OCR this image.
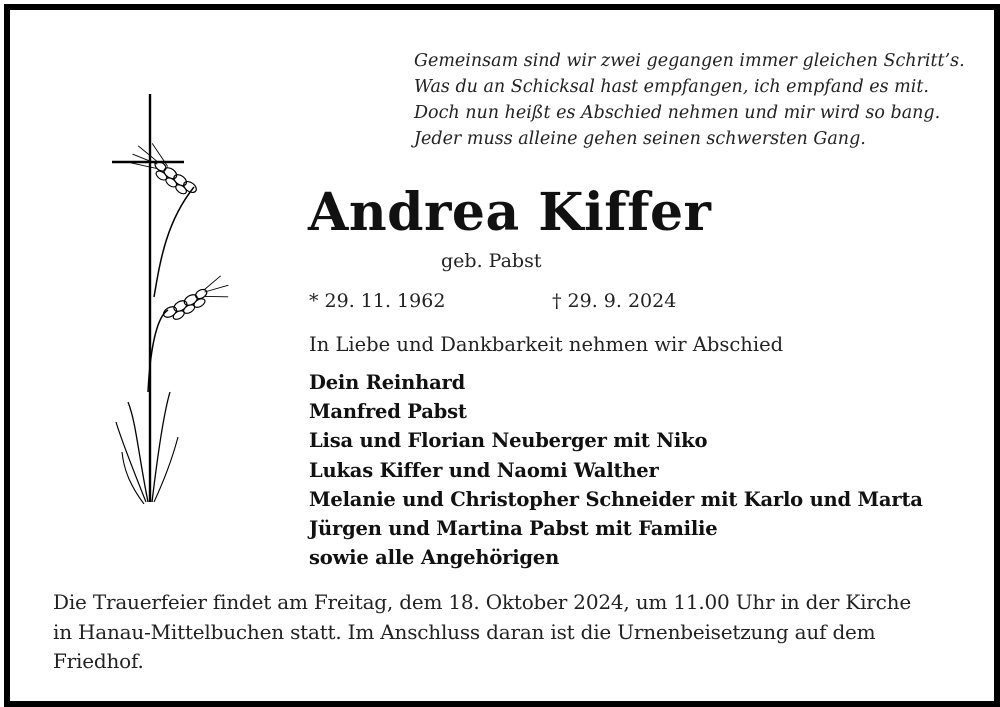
Gemeinsam sind wir zwei gegangen immer gleichen Schritt’s.
Was du an Schicksal hast empfangen, ich empfand es mit.
Doch nun heißt es Abschied nehmen und mir wird so bang.
Jeder muss alleine gehen seinen schwersten Gang.
Andrea Kiffer
geb. Pabst
* 29. 11. 1962	† 29. 9. 2024
In Liebe und Dankbarkeit nehmen wir Abschied
Dein Reinhard
Manfred Pabst
Lisa und Florian Neuberger mit Niko
Lukas Kiffer und Naomi Walther
Melanie und Christopher Schneider mit Karlo und Marta
Jürgen und Martina Pabst mit Familie
sowie alle Angehörigen
Die Trauerfeier findet am Freitag, dem 18. Oktober 2024, um 11.00 Uhr in der Kirche
in Hanau-Mittelbuchen statt. Im Anschluss daran ist die Urnenbeisetzung auf dem
Friedhof.
